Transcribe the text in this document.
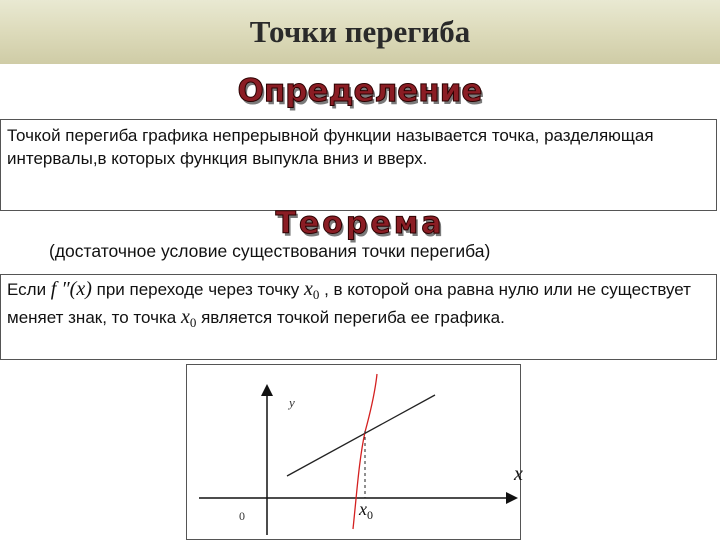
Точки перегиба
Определение
Точкой перегиба графика непрерывной функции называется точка, разделяющая интервалы,в которых функция выпукла вниз и вверх.
Теорема
(достаточное условие существования точки перегиба)
Если f ″(x) при переходе через точку $x_0$ , в которой она равна нулю или не существует меняет знак, то точка $x_0$ является точкой перегиба ее графика.
y
x
0	$x_0$
